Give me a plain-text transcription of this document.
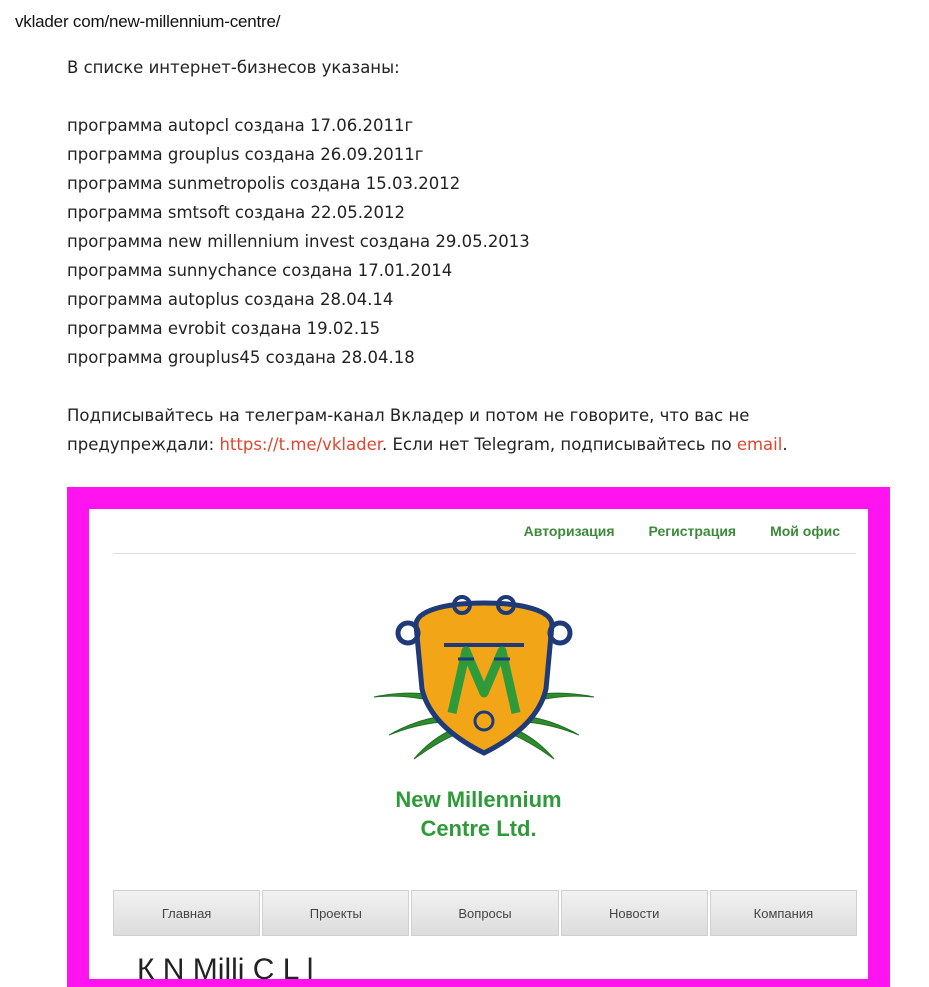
vklader com/new-millennium-centre/

В списке интернет-бизнесов указаны:

программа autopcl создана 17.06.2011г
программа grouplus создана 26.09.2011г
программа sunmetropolis создана 15.03.2012
программа smtsoft создана 22.05.2012
программа new millennium invest создана 29.05.2013
программа sunnychance создана 17.01.2014
программа autoplus создана 28.04.14
программа evrobit создана 19.02.15
программа grouplus45 создана 28.04.18

Подписывайтесь на телеграм-канал Вкладер и потом не говорите, что вас не предупреждали: https://t.me/vklader. Если нет Telegram, подписывайтесь по email.

Авторизация Регистрация Мой офис
New Millennium
Centre Ltd.
Главная	Проекты	Вопросы	Новости	Компания
К N Milli C L l
